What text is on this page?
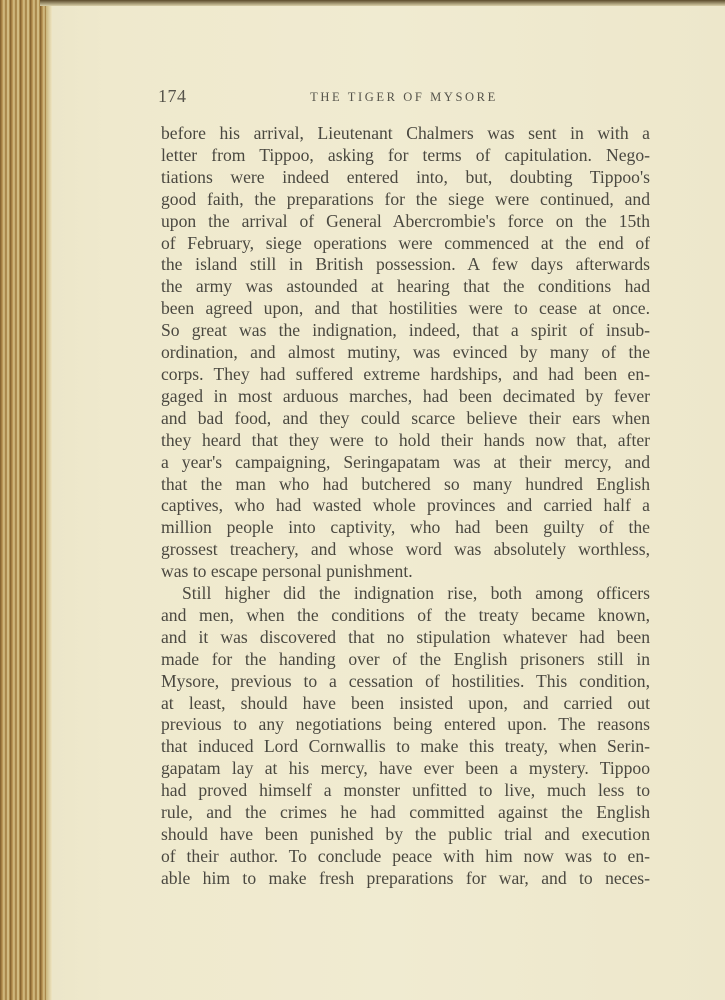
174	THE TIGER OF MYSORE
before his arrival, Lieutenant Chalmers was sent in with a
letter from Tippoo, asking for terms of capitulation. Nego-
tiations were indeed entered into, but, doubting Tippoo's
good faith, the preparations for the siege were continued, and
upon the arrival of General Abercrombie's force on the 15th
of February, siege operations were commenced at the end of
the island still in British possession. A few days afterwards
the army was astounded at hearing that the conditions had
been agreed upon, and that hostilities were to cease at once.
So great was the indignation, indeed, that a spirit of insub-
ordination, and almost mutiny, was evinced by many of the
corps. They had suffered extreme hardships, and had been en-
gaged in most arduous marches, had been decimated by fever
and bad food, and they could scarce believe their ears when
they heard that they were to hold their hands now that, after
a year's campaigning, Seringapatam was at their mercy, and
that the man who had butchered so many hundred English
captives, who had wasted whole provinces and carried half a
million people into captivity, who had been guilty of the
grossest treachery, and whose word was absolutely worthless,
was to escape personal punishment.
Still higher did the indignation rise, both among officers
and men, when the conditions of the treaty became known,
and it was discovered that no stipulation whatever had been
made for the handing over of the English prisoners still in
Mysore, previous to a cessation of hostilities. This condition,
at least, should have been insisted upon, and carried out
previous to any negotiations being entered upon. The reasons
that induced Lord Cornwallis to make this treaty, when Serin-
gapatam lay at his mercy, have ever been a mystery. Tippoo
had proved himself a monster unfitted to live, much less to
rule, and the crimes he had committed against the English
should have been punished by the public trial and execution
of their author. To conclude peace with him now was to en-
able him to make fresh preparations for war, and to neces-
